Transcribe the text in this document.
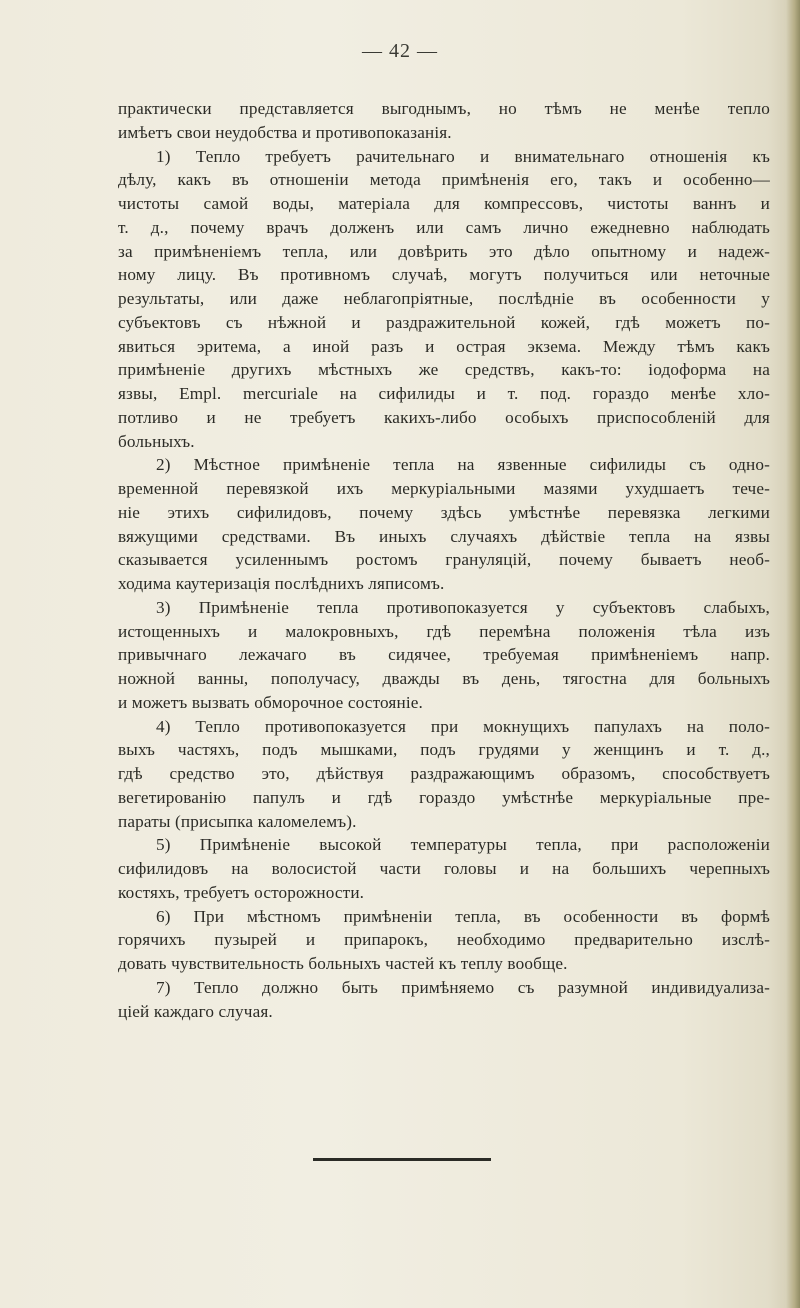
— 42 —
практически представляется выгоднымъ, но тѣмъ не менѣе тепло
имѣетъ свои неудобства и противопоказанія.
1) Тепло требуетъ рачительнаго и внимательнаго отношенія къ
дѣлу, какъ въ отношеніи метода примѣненія его, такъ и особенно—
чистоты самой воды, матеріала для компрессовъ, чистоты ваннъ и
т. д., почему врачъ долженъ или самъ лично ежедневно наблюдать
за примѣненіемъ тепла, или довѣрить это дѣло опытному и надеж-
ному лицу. Въ противномъ случаѣ, могутъ получиться или неточные
результаты, или даже неблагопріятные, послѣдніе въ особенности у
субъектовъ съ нѣжной и раздражительной кожей, гдѣ можетъ по-
явиться эритема, а иной разъ и острая экзема. Между тѣмъ какъ
примѣненіе другихъ мѣстныхъ же средствъ, какъ-то: іодоформа на
язвы, Emрl. mercuriale на сифилиды и т. под. гораздо менѣе хло-
потливо и не требуетъ какихъ-либо особыхъ приспособленій для
больныхъ.
2) Мѣстное примѣненіе тепла на язвенные сифилиды съ одно-
временной перевязкой ихъ меркуріальными мазями ухудшаетъ тече-
ніе этихъ сифилидовъ, почему здѣсь умѣстнѣе перевязка легкими
вяжущими средствами. Въ иныхъ случаяхъ дѣйствіе тепла на язвы
сказывается усиленнымъ ростомъ грануляцій, почему бываетъ необ-
ходима каутеризація послѣднихъ ляписомъ.
3) Примѣненіе тепла противопоказуется у субъектовъ слабыхъ,
истощенныхъ и малокровныхъ, гдѣ перемѣна положенія тѣла изъ
привычнаго лежачаго въ сидячее, требуемая примѣненіемъ напр.
ножной ванны, пополучасу, дважды въ день, тягостна для больныхъ
и можетъ вызвать обморочное состояніе.
4) Тепло противопоказуется при мокнущихъ папулахъ на поло-
выхъ частяхъ, подъ мышками, подъ грудями у женщинъ и т. д.,
гдѣ средство это, дѣйствуя раздражающимъ образомъ, способствуетъ
вегетированію папулъ и гдѣ гораздо умѣстнѣе меркуріальные пре-
параты (присыпка каломелемъ).
5) Примѣненіе высокой температуры тепла, при расположеніи
сифилидовъ на волосистой части головы и на большихъ черепныхъ
костяхъ, требуетъ осторожности.
6) При мѣстномъ примѣненіи тепла, въ особенности въ формѣ
горячихъ пузырей и припарокъ, необходимо предварительно изслѣ-
довать чувствительность больныхъ частей къ теплу вообще.
7) Тепло должно быть примѣняемо съ разумной индивидуализа-
ціей каждаго случая.
